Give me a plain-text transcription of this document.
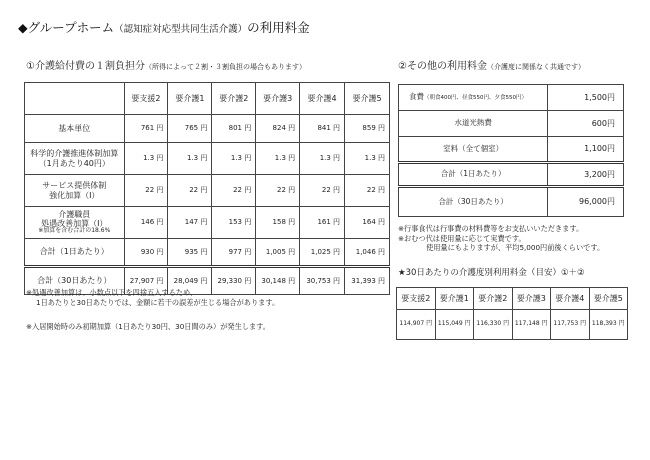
◆グループホーム（認知症対応型共同生活介護）の利用料金
①介護給付費の１割負担分（所得によって２割・３割負担の場合もあります）	②その他の利用料金（介護度に関係なく共通です）
	要支援2	要介護1	要介護2	要介護3	要介護4	要介護5
基本単位	761 円	765 円	801 円	824 円	841 円	859 円
科学的介護推進体制加算
（1月あたり40円）	1.3 円	1.3 円	1.3 円	1.3 円	1.3 円	1.3 円
サービス提供体制
強化加算（Ⅰ）	22 円	22 円	22 円	22 円	22 円	22 円

介護職員
処遇改善加算（Ⅰ）
※加算を含む合計の18.6%	146 円	147 円	153 円	158 円	161 円	164 円
合計（1日あたり）	930 円	935 円	977 円	1,005 円	1,025 円	1,046 円
合計（30日あたり）	27,907 円	28,049 円	29,330 円	30,148 円	30,753 円	31,393 円
食費（朝食400円、昼食550円、夕食550円）	1,500円
水道光熱費	600円
室料（全て個室）	1,100円
合計（1日あたり）	3,200円
合計（30日あたり）	96,000円
※行事食代は行事費の材料費等をお支払いいただきます。
※おむつ代は使用量に応じて実費です。
使用量にもよりますが、平均5,000円前後くらいです。
★30日あたりの介護度別利用料金（目安）①＋②
要支援2	要介護1	要介護2	要介護3	要介護4	要介護5
114,907 円	115,049 円	116,330 円	117,148 円	117,753 円	118,393 円
※処遇改善加算は、小数点以下を四捨五入するため、
1日あたりと30日あたりでは、金額に若干の誤差が生じる場合があります。
※入居開始時のみ初期加算（1日あたり30円、30日間のみ）が発生します。
